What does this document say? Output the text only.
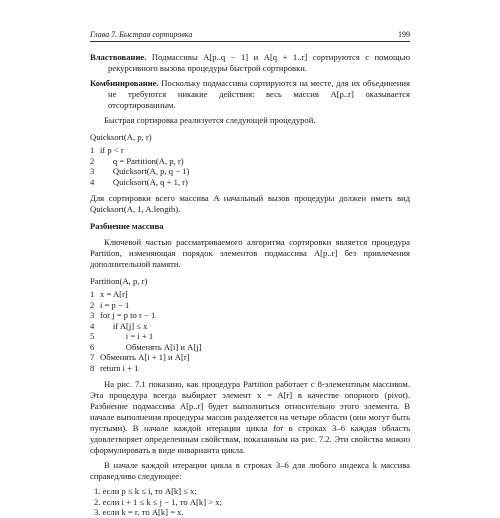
Глава 7. Быстрая сортировка	199

Властвование. Подмассивы A[p..q − 1] и A[q + 1..r] сортируются с помощью рекурсивного вызова процедуры быстрой сортировки.

Комбинирование. Поскольку подмассивы сортируются на месте, для их объединения не требуются никакие действия: весь массив A[p..r] оказывается отсортированным.

Быстрая сортировка реализуется следующей процедурой.

Quicksort(A, p, r)
1 if p < r
2 q = Partition(A, p, r)
3 Quicksort(A, p, q − 1)
4 Quicksort(A, q + 1, r)

Для сортировки всего массива A начальный вызов процедуры должен иметь вид Quicksort(A, 1, A.length).

Разбиение массива

Ключевой частью рассматриваемого алгоритма сортировки является процедура Partition, изменяющая порядок элементов подмассива A[p..r] без привлечения дополнительной памяти.

Partition(A, p, r)
1 x = A[r]
2 i = p − 1
3 for j = p to r − 1
4 if A[j] ≤ x
5 i = i + 1
6 Обменять A[i] и A[j]
7 Обменять A[i + 1] и A[r]
8 return i + 1

На рис. 7.1 показано, как процедура Partition работает с 8-элементным массивом. Эта процедура всегда выбирает элемент x = A[r] в качестве опорного (pivot). Разбиение подмассива A[p..r] будет выполняться относительно этого элемента. В начале выполнения процедуры массив разделяется на четыре области (они могут быть пустыми). В начале каждой итерации цикла for в строках 3–6 каждая область удовлетворяет определенным свойствам, показанным на рис. 7.2. Эти свойства можно сформулировать в виде инварианта цикла.

В начале каждой итерации цикла в строках 3–6 для любого индекса k массива справедливо следующее:

1. если p ≤ k ≤ i, то A[k] ≤ x;
2. если i + 1 ≤ k ≤ j − 1, то A[k] > x;
3. если k = r, то A[k] = x.
